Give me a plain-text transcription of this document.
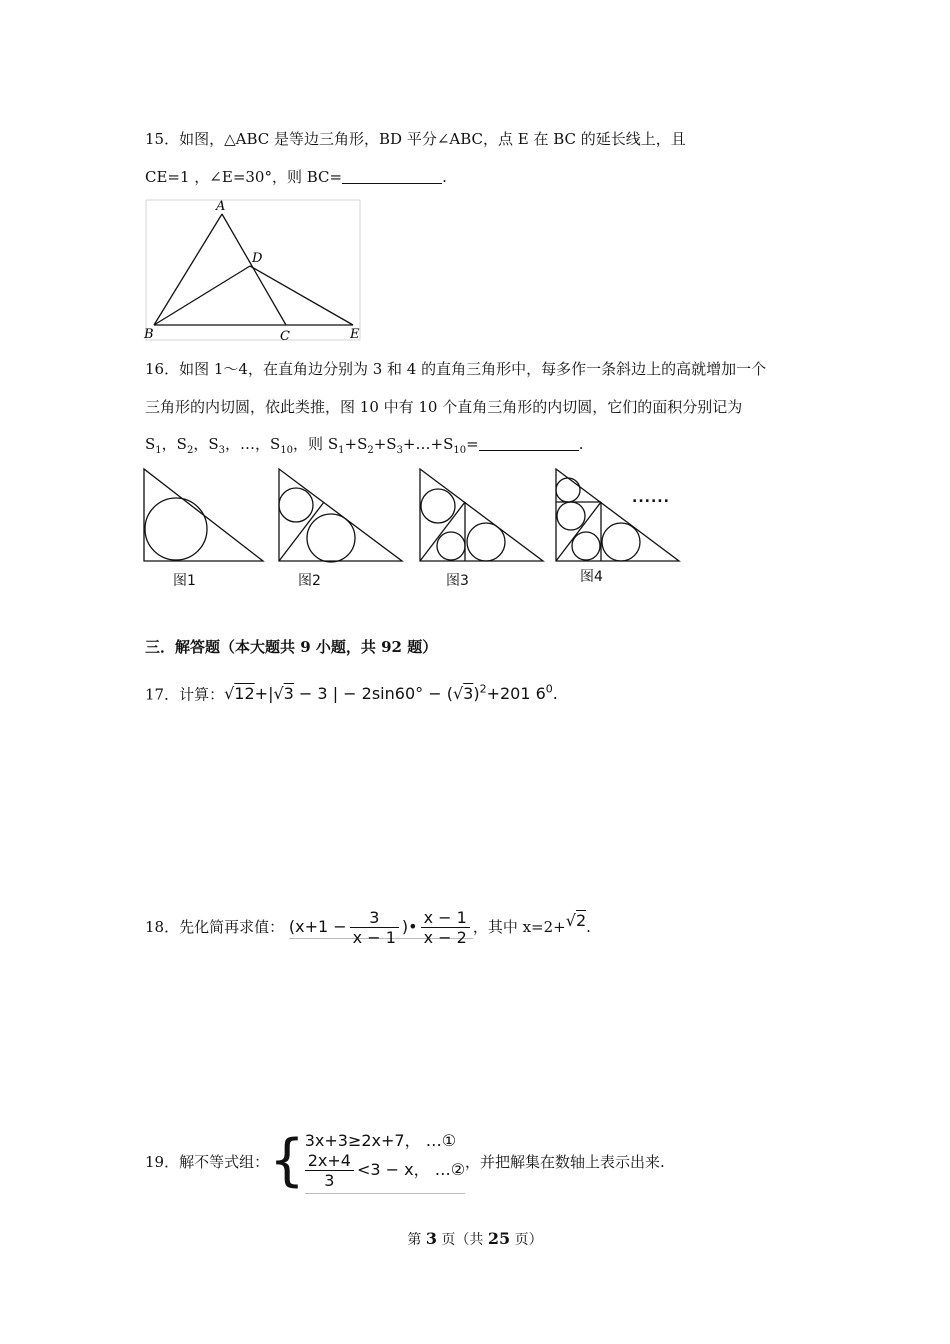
15．如图，△ABC 是等边三角形，BD 平分∠ABC，点 E 在 BC 的延长线上，且
CE=1 ，∠E=30°，则 BC=	.
A
D
B	C	E
16．如图 1～4，在直角边分别为 3 和 4 的直角三角形中，每多作一条斜边上的高就增加一个
三角形的内切圆，依此类推，图 10 中有 10 个直角三角形的内切圆，它们的面积分别记为
$S_1$，$S_2$，$S_3$，…，$S_{10}$，则 $S_1+S_2+S_3+\dots+S_{10}=$	.
图1	图2	图3	图4
......
三．解答题（本大题共 9 小题，共 92 题）
17．计算：√12+|√3 − 3 | − $2\sin 60^\circ - (√3)^2+201$ $6^0$.
18．先化简再求值： ($x+1 - \frac{3}{x - 1}$ )• $\frac{x - 1}{x - 2}$ ，其中 x=2+$^{√2}$.
19．解不等式组： { 3x+3≥2x+7， …①
$\frac{2x+4}{3} <3 - x$， …② ，并把解集在数轴上表示出来.
第 3 页（共 25 页）
